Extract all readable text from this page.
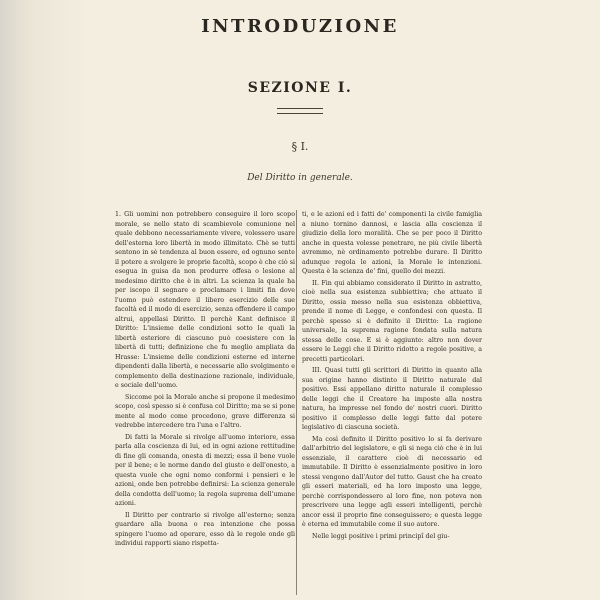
INTRODUZIONE
SEZIONE I.
§ I.
Del Diritto in generale.

1. Gli uomini non potrebbero conseguire il loro scopo morale, se nello stato di scambievole comunione nel quale debbono necessariamente vivere, volessero usare dell'esterna loro libertà in modo illimitato. Chè se tutti sentono in sè tendenza al buon essere, ed ognuno sente il potere a svolgere le proprie facoltà, scopo è che ciò si esegua in guisa da non produrre offesa o lesione al medesimo diritto che è in altri. La scienza la quale ha per iscopo il segnare e proclamare i limiti fin dove l'uomo può estendere il libero esercizio delle sue facoltà ed il modo di esercizio, senza offendere il campo altrui, appellasi Diritto. Il perchè Kant definisce il Diritto: L'insieme delle condizioni sotto le quali la libertà esteriore di ciascuno può coesistere con la libertà di tutti; definizione che fu meglio ampliata da Hrasse: L'insieme delle condizioni esterne ed interne dipendenti dalla libertà, e necessarie allo svolgimento e complemento della destinazione razionale, individuale, e sociale dell'uomo.

Siccome poi la Morale anche si propone il medesimo scopo, così spesso si è confusa col Diritto; ma se si pone mente al modo come procedono, grave differenza si vedrebbe intercedere tra l'una e l'altro.

Di fatti la Morale si rivolge all'uomo interiore, essa parla alla coscienza di lui, ed in ogni azione rettitudine di fine gli comanda, onesta di mezzi; essa il bene vuole per il bene; e le norme dando del giusto e dell'onesto, a questa vuole che ogni nomo conformi i pensieri e le azioni, onde ben potrebbe definirsi: La scienza generale della condotta dell'uomo; la regola suprema dell'umane azioni.

Il Diritto per contrario si rivolge all'esterno; senza guardare alla buona o rea intenzione che possa spingere l'uomo ad operare, esso dà le regole onde gli individui rapporti siano rispetta-

ti, e le azioni ed i fatti de' componenti la civile famiglia a niuno tornino dannosi, e lascia alla coscienza il giudizio della loro moralità. Che se per poco il Diritto anche in questa volesse penetrare, ne più civile libertà avremmo, nè ordinamento potrebbe durare. Il Diritto adunque regola le azioni, la Morale le intenzioni. Questa è la scienza de' fini, quello dei mezzi.

II. Fin qui abbiamo considerato il Diritto in astratto, cioè nella sua esistenza subbiettiva; che attuato il Diritto, ossia messo nella sua esistenza obbiettiva, prende il nome di Legge, e confondesi con questa. Il perchè spesso si è definito il Diritto: La ragione universale, la suprema ragione fondata sulla natura stessa delle cose. E si è aggiunto: altro non dover essere le Leggi che il Diritto ridotto a regole positive, a precetti particolari.

III. Quasi tutti gli scrittori di Diritto in quanto alla sua origine hanno distinto il Diritto naturale dal positivo. Essi appellano diritto naturale il complesso delle leggi che il Creatore ha imposte alla nostra natura, ha impresse nel fondo de' nostri cuori. Diritto positivo il complesso delle leggi fatte dal potere legislativo di ciascuna società.

Ma così definito il Diritto positivo lo si fa derivare dall'arbitrio del legislatore, e gli si nega ciò che è in lui essenziale, il carattere cioè di necessario ed immutabile. Il Diritto è essenzialmente positivo in loro stessi vengono dall'Autor del tutto. Gaust che ha creato gli esseri materiali, ed ha loro imposto una legge, perchè corrispondessero al loro fine, non poteva non prescrivere una legge agli esseri intelligenti, perchè ancor essi il proprio fine conseguissero; e questa legge è eterna ed immutabile come il suo autore.

Nelle leggi positive i primi principî del giu-
